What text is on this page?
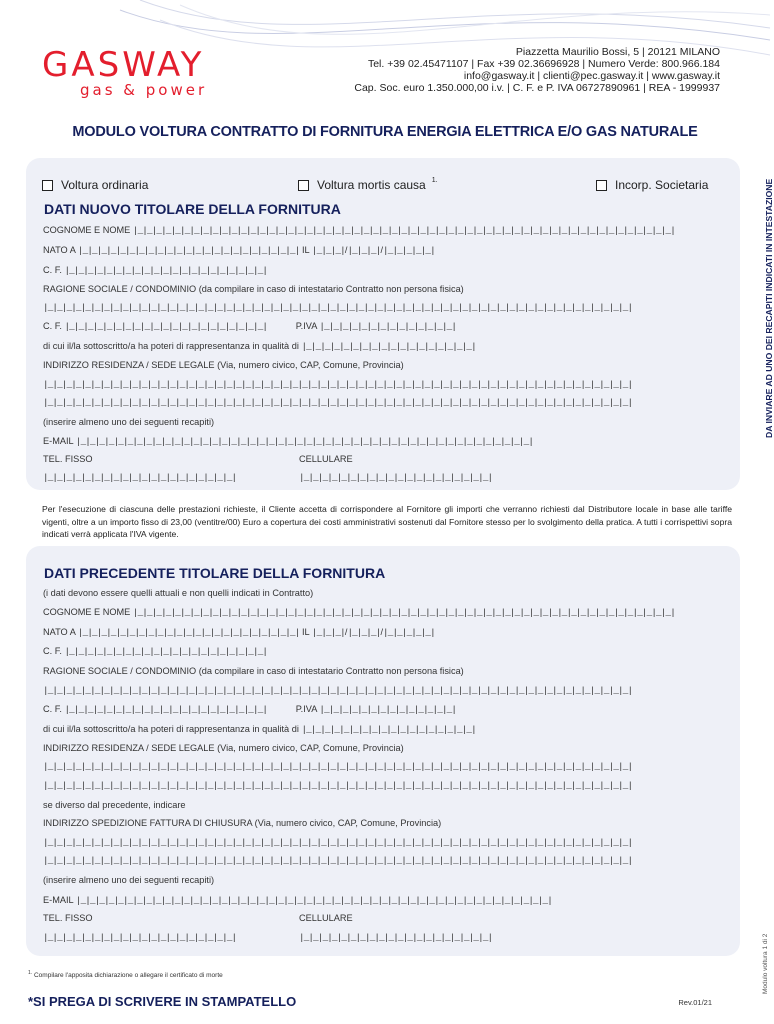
GASWAY
gas & power
Piazzetta Maurilio Bossi, 5 | 20121 MILANO
Tel. +39 02.45471107 | Fax +39 02.36696928 | Numero Verde: 800.966.184
info@gasway.it | clienti@pec.gasway.it | www.gasway.it
Cap. Soc. euro 1.350.000,00 i.v. | C. F. e P. IVA 06727890961 | REA - 1999937
MODULO VOLTURA CONTRATTO DI FORNITURA ENERGIA ELETTRICA E/O GAS NATURALE
Voltura ordinaria	Voltura mortis causa $^{1.}$	Incorp. Societaria
DATI NUOVO TITOLARE DELLA FORNITURA
COGNOME E NOME |_|_|_|_|_|_|_|_|_|_|_|_|_|_|_|_|_|_|_|_|_|_|_|_|_|_|_|_|_|_|_|_|_|_|_|_|_|_|_|_|_|_|_|_|_|_|_|_|_|_|_|_|_|_|_|_|_|
NATO A |_|_|_|_|_|_|_|_|_|_|_|_|_|_|_|_|_|_|_|_|_|_|_| IL |_|_|_|/|_|_|_|/|_|_|_|_|_|
C. F. |_|_|_|_|_|_|_|_|_|_|_|_|_|_|_|_|_|_|_|_|_|
RAGIONE SOCIALE / CONDOMINIO (da compilare in caso di intestatario Contratto non persona fisica)
|_|_|_|_|_|_|_|_|_|_|_|_|_|_|_|_|_|_|_|_|_|_|_|_|_|_|_|_|_|_|_|_|_|_|_|_|_|_|_|_|_|_|_|_|_|_|_|_|_|_|_|_|_|_|_|_|_|_|_|_|_|_|
C. F. |_|_|_|_|_|_|_|_|_|_|_|_|_|_|_|_|_|_|_|_|_|	P.IVA |_|_|_|_|_|_|_|_|_|_|_|_|_|_|
di cui il/la sottoscritto/a ha poteri di rappresentanza in qualità di |_|_|_|_|_|_|_|_|_|_|_|_|_|_|_|_|_|_|
INDIRIZZO RESIDENZA / SEDE LEGALE (Via, numero civico, CAP, Comune, Provincia)
|_|_|_|_|_|_|_|_|_|_|_|_|_|_|_|_|_|_|_|_|_|_|_|_|_|_|_|_|_|_|_|_|_|_|_|_|_|_|_|_|_|_|_|_|_|_|_|_|_|_|_|_|_|_|_|_|_|_|_|_|_|_|
|_|_|_|_|_|_|_|_|_|_|_|_|_|_|_|_|_|_|_|_|_|_|_|_|_|_|_|_|_|_|_|_|_|_|_|_|_|_|_|_|_|_|_|_|_|_|_|_|_|_|_|_|_|_|_|_|_|_|_|_|_|_|
(inserire almeno uno dei seguenti recapiti)
E-MAIL |_|_|_|_|_|_|_|_|_|_|_|_|_|_|_|_|_|_|_|_|_|_|_|_|_|_|_|_|_|_|_|_|_|_|_|_|_|_|_|_|_|_|_|_|_|_|_|_|
TEL. FISSO	CELLULARE
|_|_|_|_|_|_|_|_|_|_|_|_|_|_|_|_|_|_|_|_|	|_|_|_|_|_|_|_|_|_|_|_|_|_|_|_|_|_|_|_|_|
Per l'esecuzione di ciascuna delle prestazioni richieste, il Cliente accetta di corrispondere al Fornitore gli importi che verranno richiesti dal Distributore locale in base alle tariffe vigenti, oltre a un importo fisso di 23,00 (ventitre/00) Euro a copertura dei costi amministrativi sostenuti dal Fornitore stesso per lo svolgimento della pratica. A tutti i corrispettivi sopra indicati verrà applicata l'IVA vigente.
DATI PRECEDENTE TITOLARE DELLA FORNITURA
(i dati devono essere quelli attuali e non quelli indicati in Contratto)
COGNOME E NOME |_|_|_|_|_|_|_|_|_|_|_|_|_|_|_|_|_|_|_|_|_|_|_|_|_|_|_|_|_|_|_|_|_|_|_|_|_|_|_|_|_|_|_|_|_|_|_|_|_|_|_|_|_|_|_|_|_|
NATO A |_|_|_|_|_|_|_|_|_|_|_|_|_|_|_|_|_|_|_|_|_|_|_| IL |_|_|_|/|_|_|_|/|_|_|_|_|_|
C. F. |_|_|_|_|_|_|_|_|_|_|_|_|_|_|_|_|_|_|_|_|_|
RAGIONE SOCIALE / CONDOMINIO (da compilare in caso di intestatario Contratto non persona fisica)
|_|_|_|_|_|_|_|_|_|_|_|_|_|_|_|_|_|_|_|_|_|_|_|_|_|_|_|_|_|_|_|_|_|_|_|_|_|_|_|_|_|_|_|_|_|_|_|_|_|_|_|_|_|_|_|_|_|_|_|_|_|_|
C. F. |_|_|_|_|_|_|_|_|_|_|_|_|_|_|_|_|_|_|_|_|_|	P.IVA |_|_|_|_|_|_|_|_|_|_|_|_|_|_|
di cui il/la sottoscritto/a ha poteri di rappresentanza in qualità di |_|_|_|_|_|_|_|_|_|_|_|_|_|_|_|_|_|_|
INDIRIZZO RESIDENZA / SEDE LEGALE (Via, numero civico, CAP, Comune, Provincia)
|_|_|_|_|_|_|_|_|_|_|_|_|_|_|_|_|_|_|_|_|_|_|_|_|_|_|_|_|_|_|_|_|_|_|_|_|_|_|_|_|_|_|_|_|_|_|_|_|_|_|_|_|_|_|_|_|_|_|_|_|_|_|
|_|_|_|_|_|_|_|_|_|_|_|_|_|_|_|_|_|_|_|_|_|_|_|_|_|_|_|_|_|_|_|_|_|_|_|_|_|_|_|_|_|_|_|_|_|_|_|_|_|_|_|_|_|_|_|_|_|_|_|_|_|_|
se diverso dal precedente, indicare
INDIRIZZO SPEDIZIONE FATTURA DI CHIUSURA (Via, numero civico, CAP, Comune, Provincia)
|_|_|_|_|_|_|_|_|_|_|_|_|_|_|_|_|_|_|_|_|_|_|_|_|_|_|_|_|_|_|_|_|_|_|_|_|_|_|_|_|_|_|_|_|_|_|_|_|_|_|_|_|_|_|_|_|_|_|_|_|_|_|
|_|_|_|_|_|_|_|_|_|_|_|_|_|_|_|_|_|_|_|_|_|_|_|_|_|_|_|_|_|_|_|_|_|_|_|_|_|_|_|_|_|_|_|_|_|_|_|_|_|_|_|_|_|_|_|_|_|_|_|_|_|_|
(inserire almeno uno dei seguenti recapiti)
E-MAIL |_|_|_|_|_|_|_|_|_|_|_|_|_|_|_|_|_|_|_|_|_|_|_|_|_|_|_|_|_|_|_|_|_|_|_|_|_|_|_|_|_|_|_|_|_|_|_|_|_|_|
TEL. FISSO	CELLULARE
|_|_|_|_|_|_|_|_|_|_|_|_|_|_|_|_|_|_|_|_|	|_|_|_|_|_|_|_|_|_|_|_|_|_|_|_|_|_|_|_|_|
DA INVIARE AD UNO DEI RECAPITI INDICATI IN INTESTAZIONE
Modulo voltura 1 di 2
$^{1.}$ Compilare l'apposita dichiarazione o allegare il certificato di morte
*SI PREGA DI SCRIVERE IN STAMPATELLO	Rev.01/21
